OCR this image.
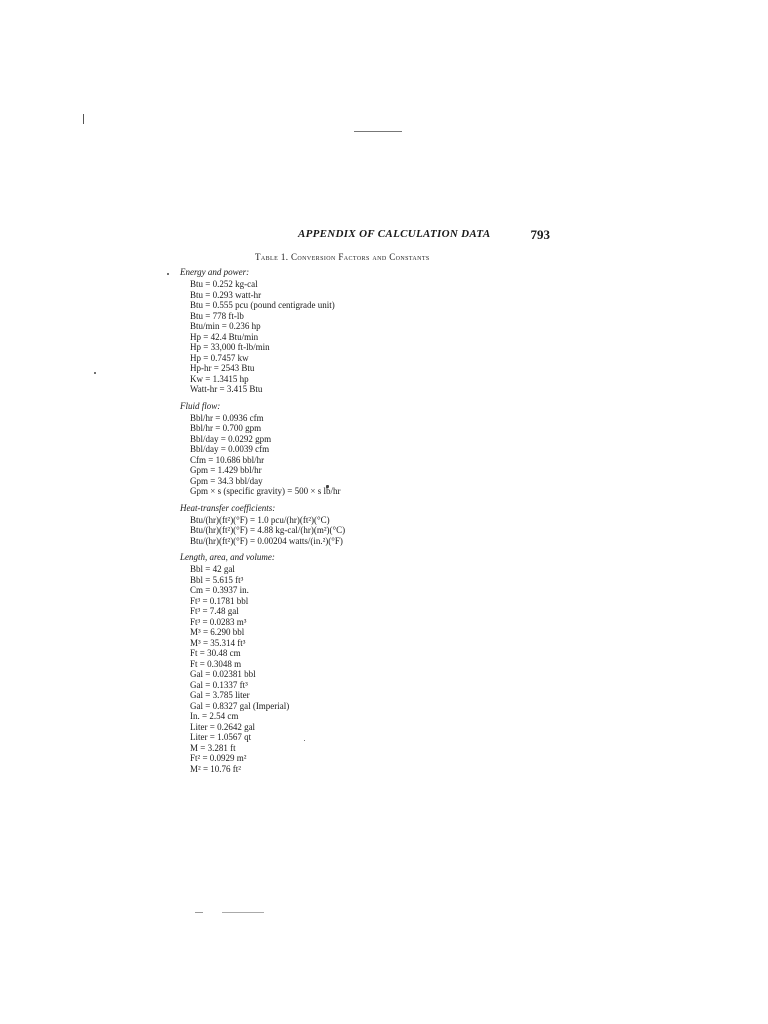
APPENDIX OF CALCULATION DATA	793
Table 1. Conversion Factors and Constants
Energy and power:
Btu = 0.252 kg-cal
Btu = 0.293 watt-hr
Btu = 0.555 pcu (pound centigrade unit)
Btu = 778 ft-lb
Btu/min = 0.236 hp
Hp = 42.4 Btu/min
Hp = 33,000 ft-lb/min
Hp = 0.7457 kw
Hp-hr = 2543 Btu
Kw = 1.3415 hp
Watt-hr = 3.415 Btu
Fluid flow:
Bbl/hr = 0.0936 cfm
Bbl/hr = 0.700 gpm
Bbl/day = 0.0292 gpm
Bbl/day = 0.0039 cfm
Cfm = 10.686 bbl/hr
Gpm = 1.429 bbl/hr
Gpm = 34.3 bbl/day
Gpm × s (specific gravity) = 500 × s lb/hr
Heat-transfer coefficients:
Btu/(hr)(ft²)(°F) = 1.0 pcu/(hr)(ft²)(°C)
Btu/(hr)(ft²)(°F) = 4.88 kg-cal/(hr)(m²)(°C)
Btu/(hr)(ft²)(°F) = 0.00204 watts/(in.²)(°F)
Length, area, and volume:
Bbl = 42 gal
Bbl = 5.615 ft³
Cm = 0.3937 in.
Ft³ = 0.1781 bbl
Ft³ = 7.48 gal
Ft³ = 0.0283 m³
M³ = 6.290 bbl
M³ = 35.314 ft³
Ft = 30.48 cm
Ft = 0.3048 m
Gal = 0.02381 bbl
Gal = 0.1337 ft³
Gal = 3.785 liter
Gal = 0.8327 gal (Imperial)
In. = 2.54 cm
Liter = 0.2642 gal
Liter = 1.0567 qt
M = 3.281 ft
Ft² = 0.0929 m²
M² = 10.76 ft²
